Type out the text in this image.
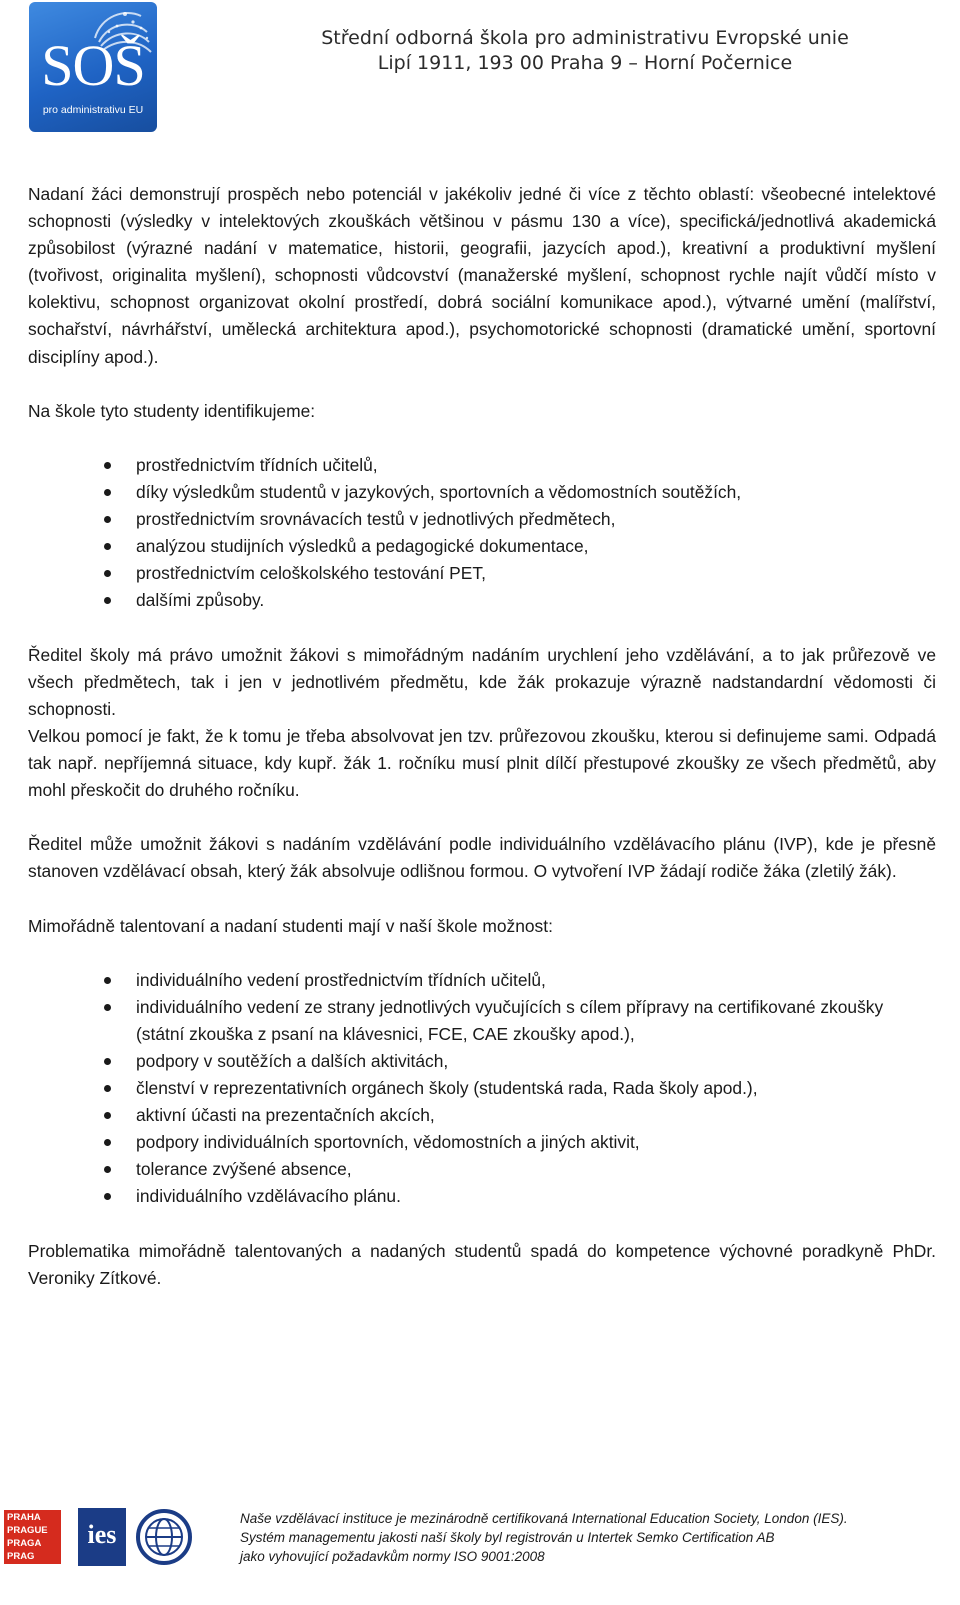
SOŠ
pro administrativu EU
Střední odborná škola pro administrativu Evropské unie
Lipí 1911, 193 00 Praha 9 – Horní Počernice

Nadaní žáci demonstrují prospěch nebo potenciál v jakékoliv jedné či více z těchto oblastí: všeobecné intelektové schopnosti (výsledky v intelektových zkouškách většinou v pásmu 130 a více), specifická/jednotlivá akademická způsobilost (výrazné nadání v matematice, historii, geografii, jazycích apod.), kreativní a produktivní myšlení (tvořivost, originalita myšlení), schopnosti vůdcovství (manažerské myšlení, schopnost rychle najít vůdčí místo v kolektivu, schopnost organizovat okolní prostředí, dobrá sociální komunikace apod.), výtvarné umění (malířství, sochařství, návrhářství, umělecká architektura apod.), psychomotorické schopnosti (dramatické umění, sportovní disciplíny apod.).

Na škole tyto studenty identifikujeme:

prostřednictvím třídních učitelů,
díky výsledkům studentů v jazykových, sportovních a vědomostních soutěžích,
prostřednictvím srovnávacích testů v jednotlivých předmětech,
analýzou studijních výsledků a pedagogické dokumentace,
prostřednictvím celoškolského testování PET,
dalšími způsoby.

Ředitel školy má právo umožnit žákovi s mimořádným nadáním urychlení jeho vzdělávání, a to jak průřezově ve všech předmětech, tak i jen v jednotlivém předmětu, kde žák prokazuje výrazně nadstandardní vědomosti či schopnosti.

Velkou pomocí je fakt, že k tomu je třeba absolvovat jen tzv. průřezovou zkoušku, kterou si definujeme sami. Odpadá tak např. nepříjemná situace, kdy kupř. žák 1. ročníku musí plnit dílčí přestupové zkoušky ze všech předmětů, aby mohl přeskočit do druhého ročníku.

Ředitel může umožnit žákovi s nadáním vzdělávání podle individuálního vzdělávacího plánu (IVP), kde je přesně stanoven vzdělávací obsah, který žák absolvuje odlišnou formou. O vytvoření IVP žádají rodiče žáka (zletilý žák).

Mimořádně talentovaní a nadaní studenti mají v naší škole možnost:

individuálního vedení prostřednictvím třídních učitelů,
individuálního vedení ze strany jednotlivých vyučujících s cílem přípravy na certifikované zkoušky (státní zkouška z psaní na klávesnici, FCE, CAE zkoušky apod.),
podpory v soutěžích a dalších aktivitách,
členství v reprezentativních orgánech školy (studentská rada, Rada školy apod.),
aktivní účasti na prezentačních akcích,
podpory individuálních sportovních, vědomostních a jiných aktivit,
tolerance zvýšené absence,
individuálního vzdělávacího plánu.

Problematika mimořádně talentovaných a nadaných studentů spadá do kompetence výchovné poradkyně PhDr. Veroniky Zítkové.

PRAHA PRAGUE PRAGA PRAG
ies
Naše vzdělávací instituce je mezinárodně certifikovaná International Education Society, London (IES).
Systém managementu jakosti naší školy byl registrován u Intertek Semko Certification AB
jako vyhovující požadavkům normy ISO 9001:2008
